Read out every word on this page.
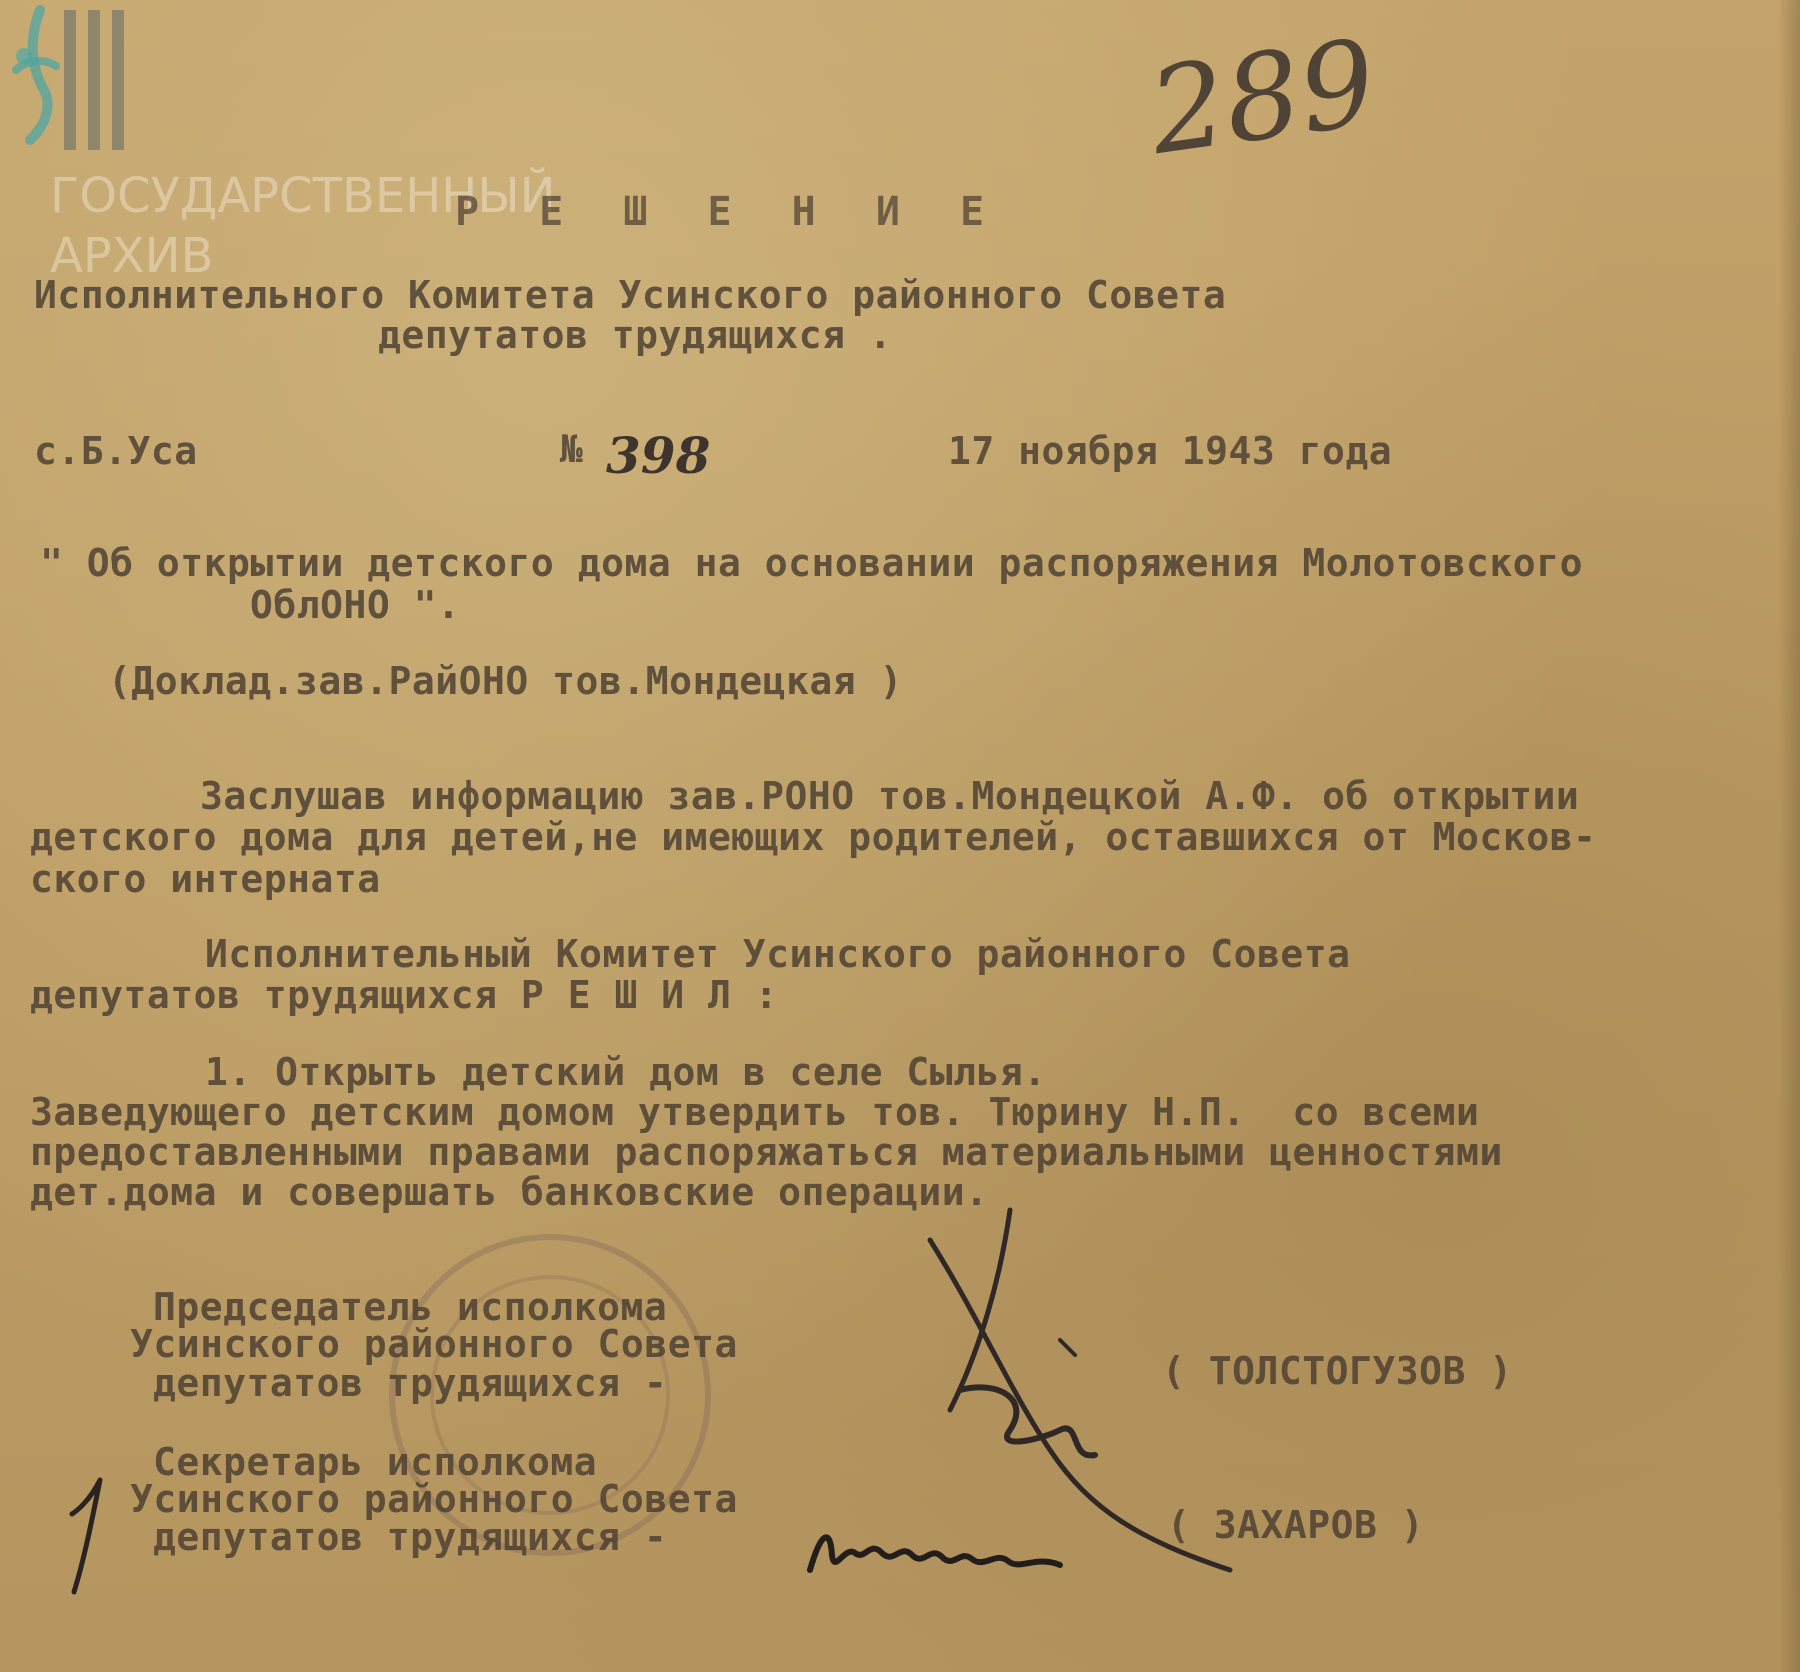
ГОСУДАРСТВЕННЫЙ
АРХИВ
289
Р Е Ш Е Н И Е
Исполнительного Комитета Усинского районного Совета
депутатов трудящихся .
с.Б.Уса	№ 398	17 ноября 1943 года
" Об открытии детского дома на основании распоряжения Молотовского
ОблОНО ".
(Доклад.зав.РайОНО тов.Мондецкая )
Заслушав информацию зав.РОНО тов.Мондецкой А.Ф. об открытии
детского дома для детей,не имеющих родителей, оставшихся от Москов-
ского интерната
Исполнительный Комитет Усинского районного Совета
депутатов трудящихся Р Е Ш И Л :
1. Открыть детский дом в селе Сылья.
Заведующего детским домом утвердить тов. Тюрину Н.П.  со всеми
предоставленными правами распоряжаться материальными ценностями
дет.дома и совершать банковские операции.
Председатель исполкома
Усинского районного Совета
депутатов трудящихся -	( ТОЛСТОГУЗОВ )
Секретарь исполкома
Усинского районного Совета
депутатов трудящихся -	( ЗАХАРОВ )
